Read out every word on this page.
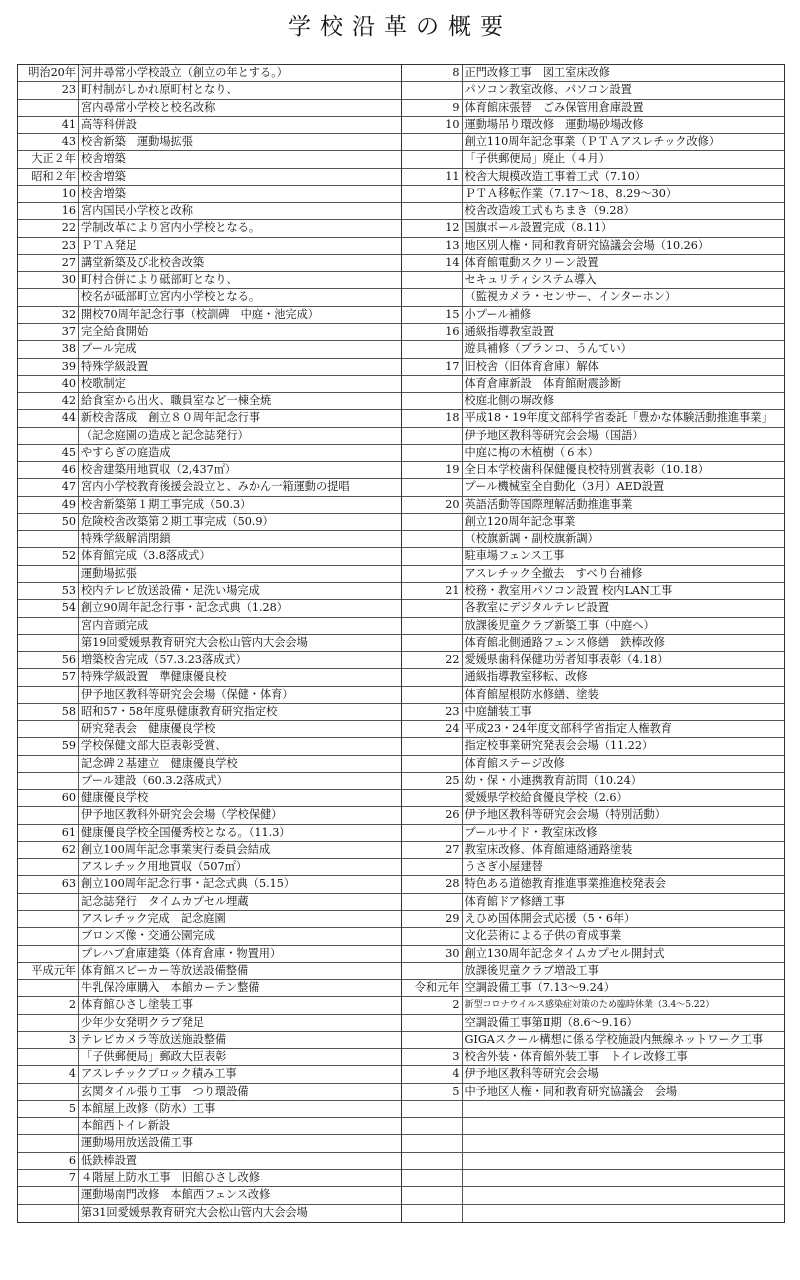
学校沿革の概要
明治20年 河井尋常小学校設立（創立の年とする。）
23 町村制がしかれ原町村となり、
宮内尋常小学校と校名改称
41 高等科併設
43 校舎新築　運動場拡張
大正２年 校舎増築
昭和２年 校舎増築
10 校舎増築
16 宮内国民小学校と改称
22 学制改革により宮内小学校となる。
23 ＰＴＡ発足
27 講堂新築及び北校舎改築
30 町村合併により砥部町となり、
校名が砥部町立宮内小学校となる。
32 開校70周年記念行事（校訓碑　中庭・池完成）
37 完全給食開始
38 プール完成
39 特殊学級設置
40 校歌制定
42 給食室から出火、職員室など一棟全焼
44 新校舎落成　創立８０周年記念行事
（記念庭園の造成と記念誌発行）
45 やすらぎの庭造成
46 校舎建築用地買収（2,437㎡）
47 宮内小学校教育後援会設立と、みかん一箱運動の提唱
49 校舎新築第１期工事完成（50.3）
50 危険校舎改築第２期工事完成（50.9）
特殊学級解消閉鎖
52 体育館完成（3.8落成式）
運動場拡張
53 校内テレビ放送設備・足洗い場完成
54 創立90周年記念行事・記念式典（1.28）
宮内音頭完成
第19回愛媛県教育研究大会松山管内大会会場
56 増築校舎完成（57.3.23落成式）
57 特殊学級設置　準健康優良校
伊予地区教科等研究会会場（保健・体育）
58 昭和57・58年度県健康教育研究指定校
研究発表会　健康優良学校
59 学校保健文部大臣表彰受賞、
記念碑２基建立　健康優良学校
プール建設（60.3.2落成式）
60 健康優良学校
伊予地区教科外研究会会場（学校保健）
61 健康優良学校全国優秀校となる。（11.3）
62 創立100周年記念事業実行委員会結成
アスレチック用地買収（507㎡）
63 創立100周年記念行事・記念式典（5.15）
記念誌発行　タイムカプセル埋蔵
アスレチック完成　記念庭園
ブロンズ像・交通公園完成
プレハブ倉庫建築（体育倉庫・物置用）
平成元年 体育館スピーカー等放送設備整備
牛乳保冷庫購入　本館カーテン整備
2 体育館ひさし塗装工事
少年少女発明クラブ発足
3 テレビカメラ等放送施設整備
「子供郵便局」郵政大臣表彰
4 アスレチックブロック積み工事
玄関タイル張り工事　つり環設備
5 本館屋上改修（防水）工事
本館西トイレ新設
運動場用放送設備工事
6 低鉄棒設置
7 ４階屋上防水工事　旧館ひさし改修
運動場南門改修　本館西フェンス改修
第31回愛媛県教育研究大会松山管内大会会場
8 正門改修工事　図工室床改修
パソコン教室改修、パソコン設置
9 体育館床張替　ごみ保管用倉庫設置
10 運動場吊り環改修　運動場砂場改修
創立110周年記念事業（ＰＴＡアスレチック改修）
「子供郵便局」廃止（４月）
11 校舎大規模改造工事着工式（7.10）
ＰＴＡ移転作業（7.17～18、8.29～30）
校舎改造竣工式もちまき（9.28）
12 国旗ポール設置完成（8.11）
13 地区別人権・同和教育研究協議会会場（10.26）
14 体育館電動スクリーン設置
セキュリティシステム導入
（監視カメラ・センサー、インターホン）
15 小プール補修
16 通級指導教室設置
遊具補修（ブランコ、うんてい）
17 旧校舎（旧体育倉庫）解体
体育倉庫新設　体育館耐震診断
校庭北側の塀改修
18 平成18・19年度文部科学省委託「豊かな体験活動推進事業」
伊予地区教科等研究会会場（国語）
中庭に梅の木植樹（６本）
19 全日本学校歯科保健優良校特別賞表彰（10.18）
プール機械室全自動化（3月）AED設置
20 英語活動等国際理解活動推進事業
創立120周年記念事業
（校旗新調・副校旗新調）
駐車場フェンス工事
アスレチック全撤去　すべり台補修
21 校務・教室用パソコン設置 校内LAN工事
各教室にデジタルテレビ設置
放課後児童クラブ新築工事（中庭へ）
体育館北側通路フェンス修繕　鉄棒改修
22 愛媛県歯科保健功労者知事表彰（4.18）
通級指導教室移転、改修
体育館屋根防水修繕、塗装
23 中庭舗装工事
24 平成23・24年度文部科学省指定人権教育
指定校事業研究発表会会場（11.22）
体育館ステージ改修
25 幼・保・小連携教育訪問（10.24）
愛媛県学校給食優良学校（2.6）
26 伊予地区教科等研究会会場（特別活動）
プールサイド・教室床改修
27 教室床改修、体育館連絡通路塗装
うさぎ小屋建替
28 特色ある道徳教育推進事業推進校発表会
体育館ドア修繕工事
29 えひめ国体開会式応援（5・6年）
文化芸術による子供の育成事業
30 創立130周年記念タイムカプセル開封式
放課後児童クラブ増設工事
令和元年 空調設備工事（7.13～9.24）
2 新型コロナウイルス感染症対策のため臨時休業（3.4～5.22）
空調設備工事第Ⅱ期（8.6～9.16）
GIGAスクール構想に係る学校施設内無線ネットワーク工事
3 校舎外装・体育館外装工事　トイレ改修工事
4 伊予地区教科等研究会会場
5 中予地区人権・同和教育研究協議会　会場
